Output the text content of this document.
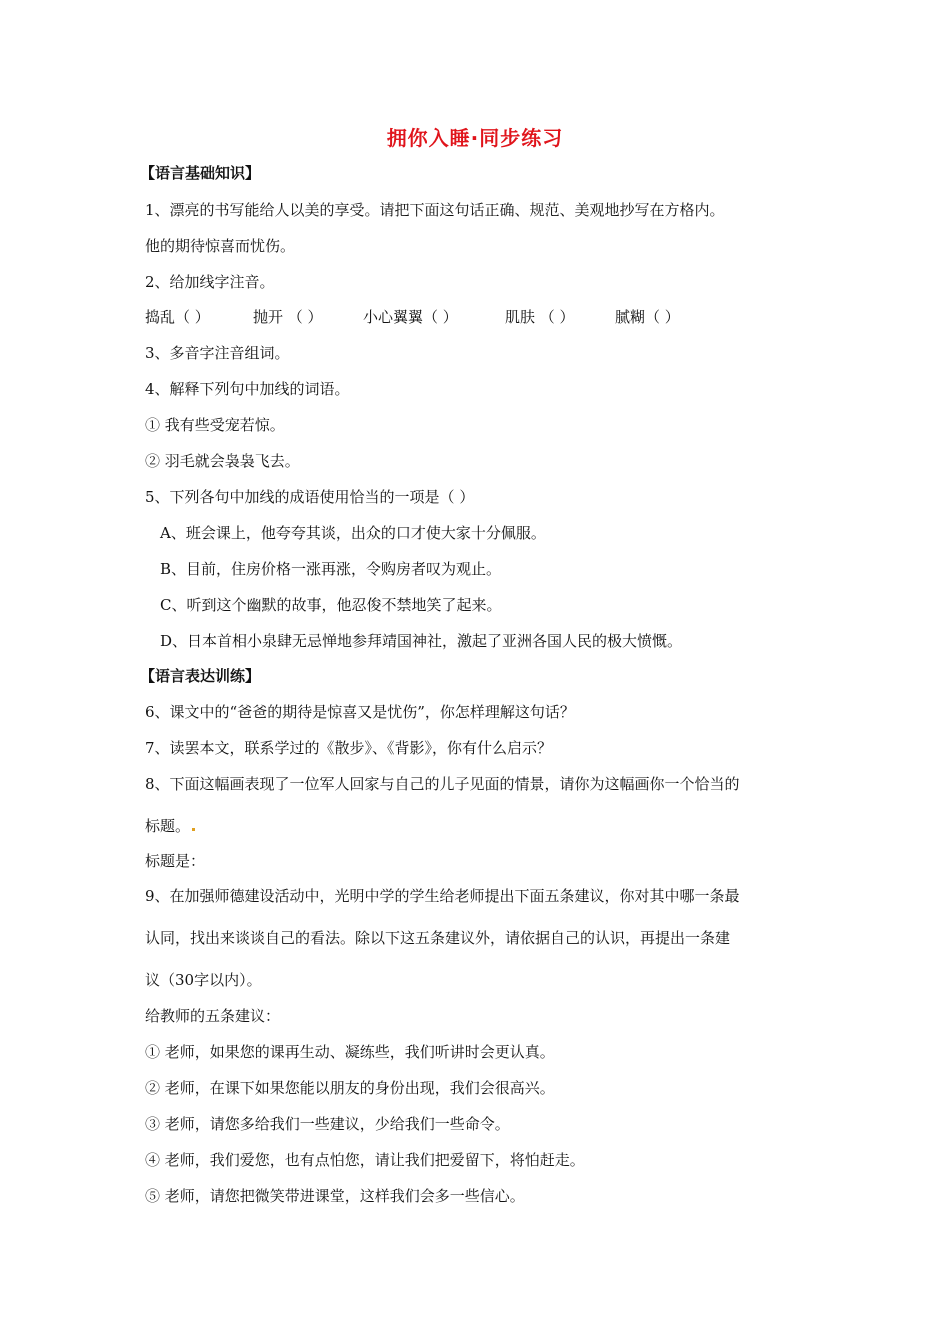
拥你入睡·同步练习
【语言基础知识】
1、漂亮的书写能给人以美的享受。请把下面这句话正确、规范、美观地抄写在方格内。
他的期待惊喜而忧伤。
2、给加线字注音。
捣乱（ ）	抛开 （ ）	小心翼翼（ ）	肌肤 （ ）	腻糊（ ）
3、多音字注音组词。
4、解释下列句中加线的词语。
① 我有些受宠若惊。
② 羽毛就会袅袅飞去。
5、下列各句中加线的成语使用恰当的一项是（ ）
A、班会课上，他夸夸其谈，出众的口才使大家十分佩服。
B、目前，住房价格一涨再涨，令购房者叹为观止。
C、听到这个幽默的故事，他忍俊不禁地笑了起来。
D、日本首相小泉肆无忌惮地参拜靖国神社，激起了亚洲各国人民的极大愤慨。
【语言表达训练】
6、课文中的“爸爸的期待是惊喜又是忧伤”，你怎样理解这句话？
7、读罢本文，联系学过的《散步》、《背影》，你有什么启示？
8、下面这幅画表现了一位军人回家与自己的儿子见面的情景，请你为这幅画你一个恰当的
标题。
标题是：
9、在加强师德建设活动中，光明中学的学生给老师提出下面五条建议，你对其中哪一条最
认同，找出来谈谈自己的看法。除以下这五条建议外，请依据自己的认识，再提出一条建
议（30字以内）。
给教师的五条建议：
① 老师，如果您的课再生动、凝练些，我们听讲时会更认真。
② 老师，在课下如果您能以朋友的身份出现，我们会很高兴。
③ 老师，请您多给我们一些建议，少给我们一些命令。
④ 老师，我们爱您，也有点怕您，请让我们把爱留下，将怕赶走。
⑤ 老师，请您把微笑带进课堂，这样我们会多一些信心。
